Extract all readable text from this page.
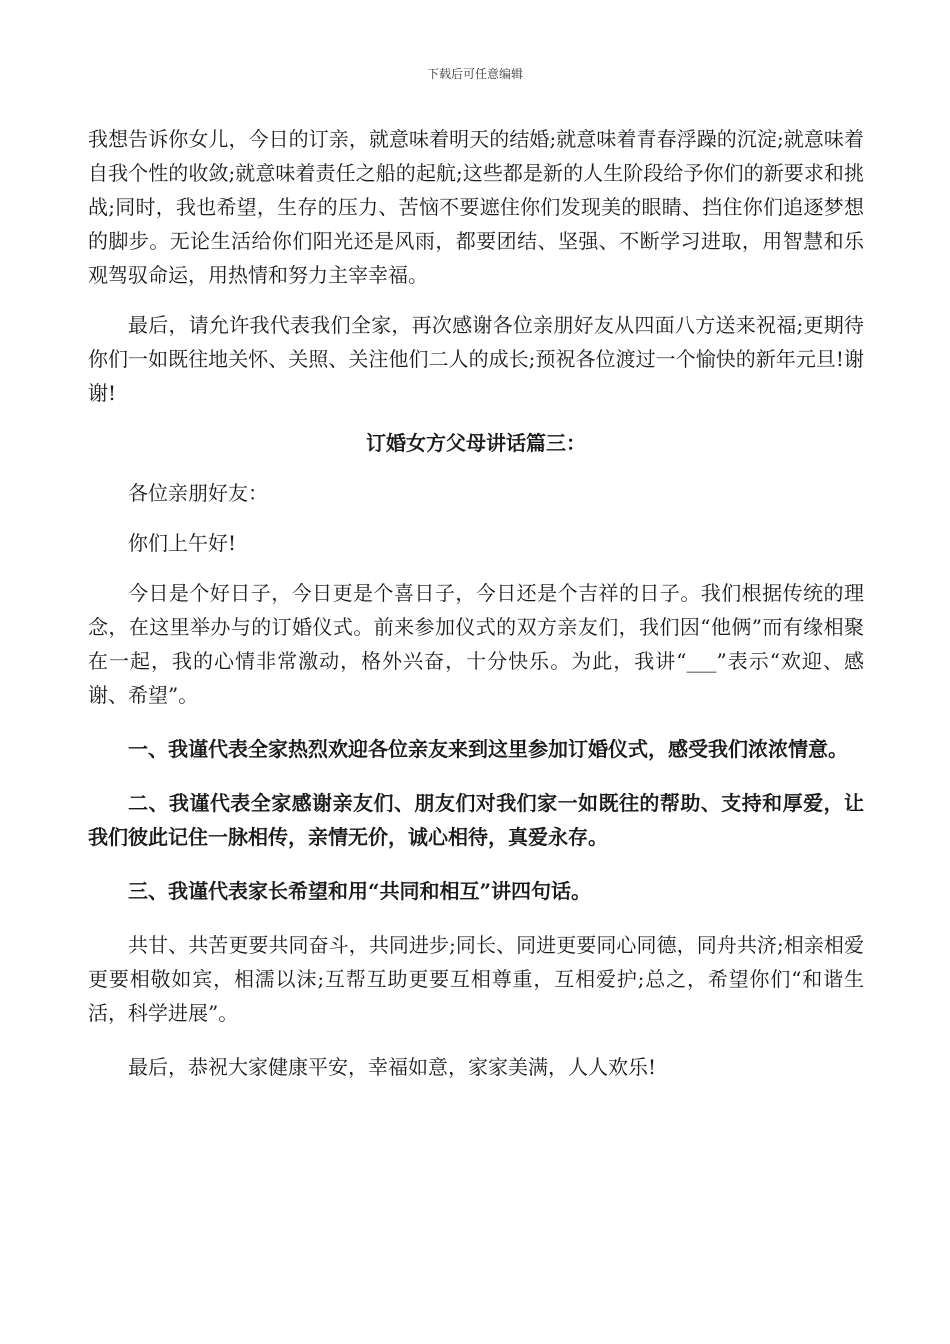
下载后可任意编辑

我想告诉你女儿，今日的订亲，就意味着明天的结婚;就意味着青春浮躁的沉淀;就意味着自我个性的收敛;就意味着责任之船的起航;这些都是新的人生阶段给予你们的新要求和挑战;同时，我也希望，生存的压力、苦恼不要遮住你们发现美的眼睛、挡住你们追逐梦想的脚步。无论生活给你们阳光还是风雨，都要团结、坚强、不断学习进取，用智慧和乐观驾驭命运，用热情和努力主宰幸福。

最后，请允许我代表我们全家，再次感谢各位亲朋好友从四面八方送来祝福;更期待你们一如既往地关怀、关照、关注他们二人的成长;预祝各位渡过一个愉快的新年元旦!谢谢!

订婚女方父母讲话篇三：

各位亲朋好友：

你们上午好!

今日是个好日子，今日更是个喜日子，今日还是个吉祥的日子。我们根据传统的理念，在这里举办与的订婚仪式。前来参加仪式的双方亲友们，我们因“他俩”而有缘相聚在一起，我的心情非常激动，格外兴奋，十分快乐。为此，我讲“___”表示“欢迎、感谢、希望”。

一、我谨代表全家热烈欢迎各位亲友来到这里参加订婚仪式，感受我们浓浓情意。

二、我谨代表全家感谢亲友们、朋友们对我们家一如既往的帮助、支持和厚爱，让我们彼此记住一脉相传，亲情无价，诚心相待，真爱永存。

三、我谨代表家长希望和用“共同和相互”讲四句话。

共甘、共苦更要共同奋斗，共同进步;同长、同进更要同心同德，同舟共济;相亲相爱更要相敬如宾，相濡以沫;互帮互助更要互相尊重，互相爱护;总之，希望你们“和谐生活，科学进展”。

最后，恭祝大家健康平安，幸福如意，家家美满，人人欢乐!
